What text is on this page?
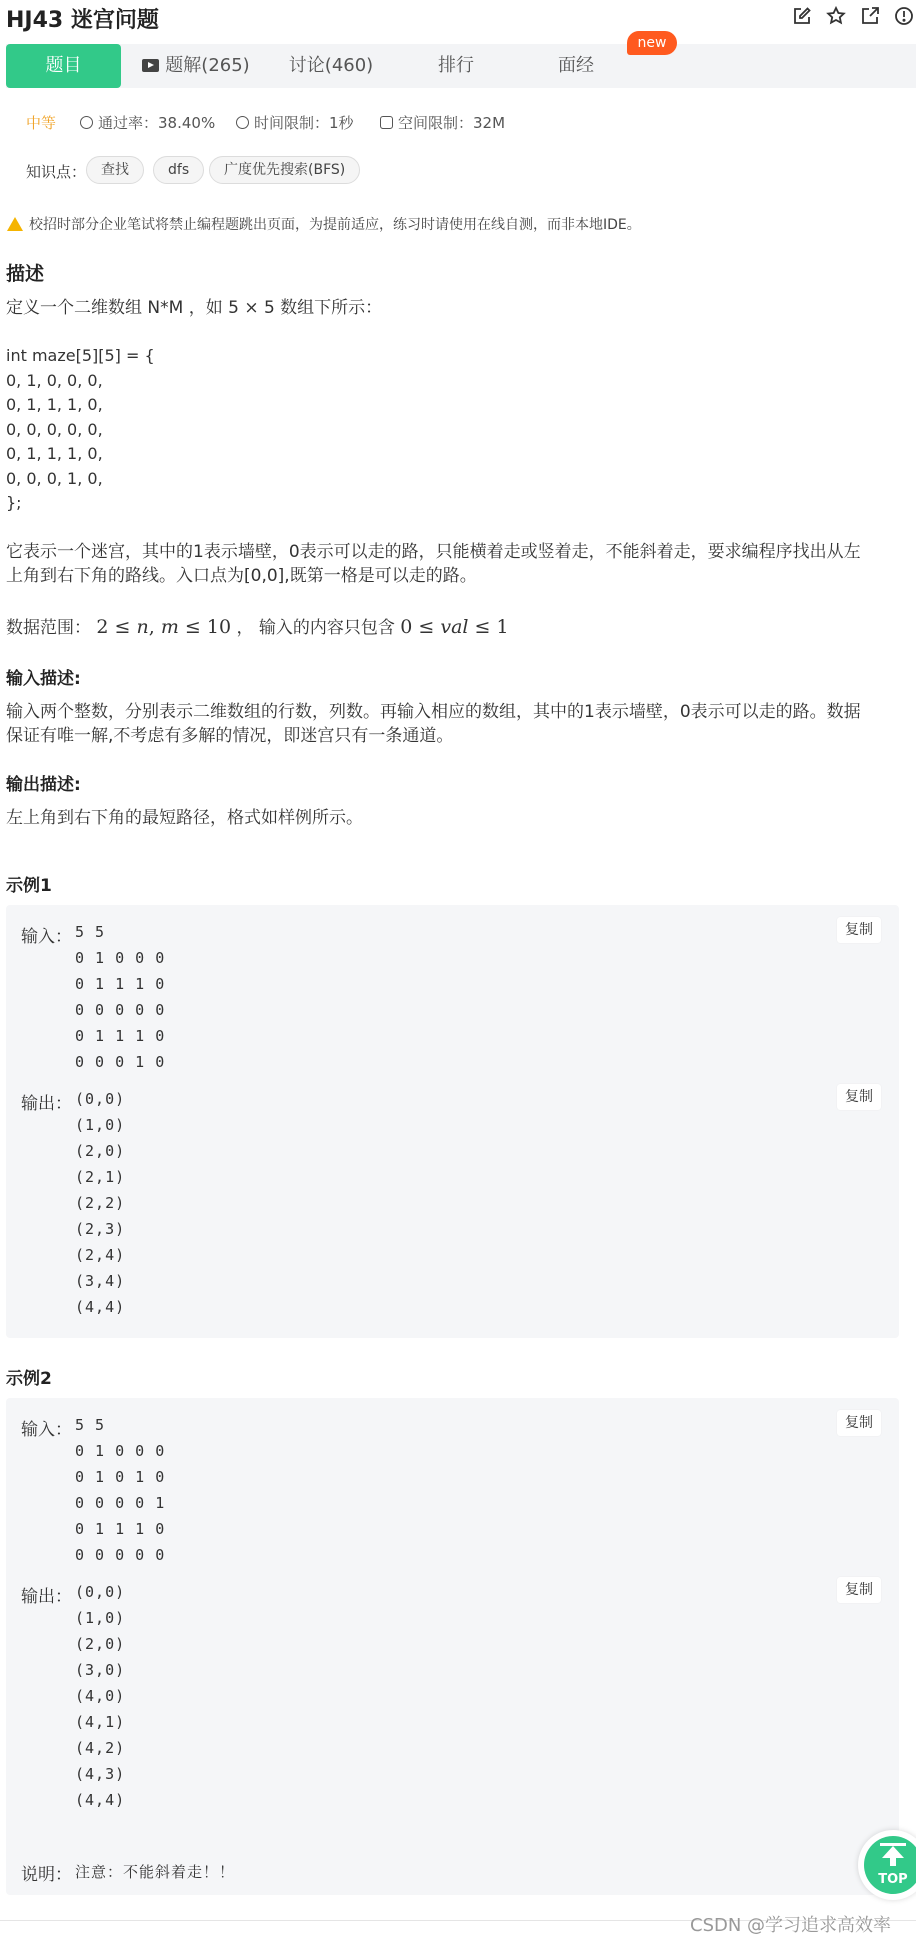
HJ43 迷宫问题
题目	题解(265)	讨论(460)	排行	面经
new
中等	通过率：38.40%	时间限制：1秒	空间限制：32M
知识点：	查找	dfs	广度优先搜索(BFS)
校招时部分企业笔试将禁止编程题跳出页面，为提前适应，练习时请使用在线自测，而非本地IDE。
描述
定义一个二维数组 N*M ，如 5 × 5 数组下所示：
int maze[5][5] = {
0, 1, 0, 0, 0,
0, 1, 1, 1, 0,
0, 0, 0, 0, 0,
0, 1, 1, 1, 0,
0, 0, 0, 1, 0,
};
它表示一个迷宫，其中的1表示墙壁，0表示可以走的路，只能横着走或竖着走，不能斜着走，要求编程序找出从左
上角到右下角的路线。入口点为[0,0],既第一格是可以走的路。
数据范围： 2 ≤ n, m ≤ 10 ， 输入的内容只包含 0 ≤ val ≤ 1
输入描述:
输入两个整数，分别表示二维数组的行数，列数。再输入相应的数组，其中的1表示墙壁，0表示可以走的路。数据
保证有唯一解,不考虑有多解的情况，即迷宫只有一条通道。
输出描述:
左上角到右下角的最短路径，格式如样例所示。
示例1
输入： 5 5
0 1 0 0 0
0 1 1 1 0
0 0 0 0 0
0 1 1 1 0
0 0 0 1 0
复制
输出： (0,0)
(1,0)
(2,0)
(2,1)
(2,2)
(2,3)
(2,4)
(3,4)
(4,4)
复制
示例2
输入： 5 5
0 1 0 0 0
0 1 0 1 0
0 0 0 0 1
0 1 1 1 0
0 0 0 0 0
复制
输出： (0,0)
(1,0)
(2,0)
(3,0)
(4,0)
(4,1)
(4,2)
(4,3)
(4,4)
复制
说明： 注意：不能斜着走！！	TOP
CSDN @学习追求高效率
